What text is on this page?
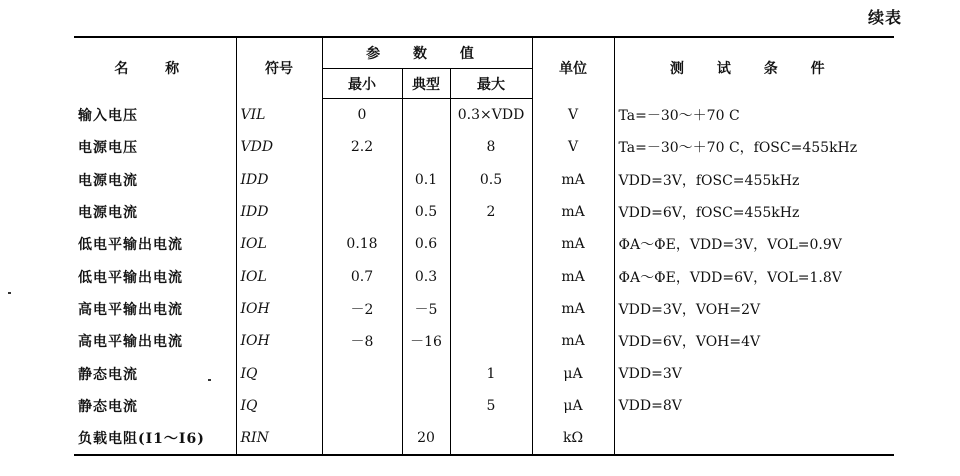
续表
名 称	符号	参 数 值			单位	测 试 条 件
		最小	典型	最大		
输入电压	VIL	0		0.3×VDD	V	Ta=－30～＋70 C
电源电压	VDD	2.2		8	V	Ta=－30～＋70 C，fOSC=455kHz
电源电流	IDD		0.1	0.5	mA	VDD=3V，fOSC=455kHz
电源电流	IDD		0.5	2	mA	VDD=6V，fOSC=455kHz
低电平输出电流	IOL	0.18	0.6		mA	ΦA～ΦE，VDD=3V，VOL=0.9V
低电平输出电流	IOL	0.7	0.3		mA	ΦA～ΦE，VDD=6V，VOL=1.8V
高电平输出电流	IOH	－2	－5		mA	VDD=3V，VOH=2V
高电平输出电流	IOH	－8	－16		mA	VDD=6V，VOH=4V
静态电流	IQ			1	μA	VDD=3V
静态电流	IQ			5	μA	VDD=8V
负载电阻(I1～I6)	RIN		20		kΩ	
